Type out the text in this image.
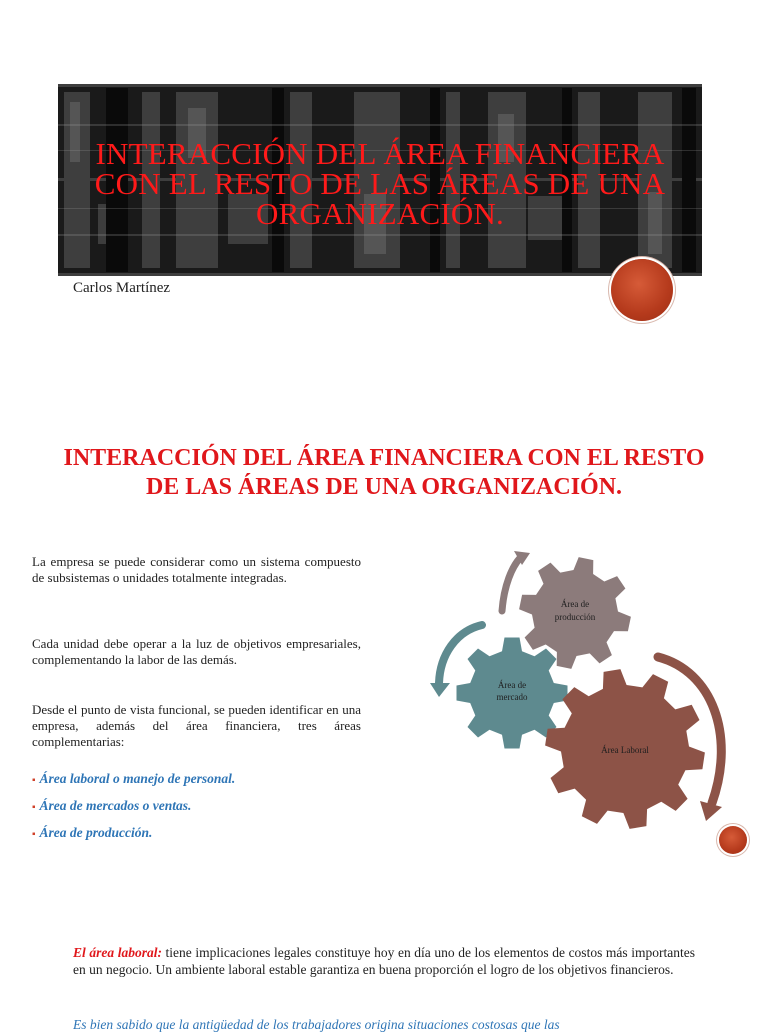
INTERACCIÓN DEL ÁREA FINANCIERA CON EL RESTO DE LAS ÁREAS DE UNA ORGANIZACIÓN.
Carlos Martínez
INTERACCIÓN DEL ÁREA FINANCIERA CON EL RESTO DE LAS ÁREAS DE UNA ORGANIZACIÓN.

La empresa se puede considerar como un sistema compuesto de subsistemas o unidades totalmente integradas.

Cada unidad debe operar a la luz de objetivos empresariales, complementando la labor de las demás.

Desde el punto de vista funcional, se pueden identificar en una empresa, además del área financiera, tres áreas complementarias:

▪ Área laboral o manejo de personal.
▪ Área de mercados o ventas.
▪ Área de producción.
Área de
producción
Área de
mercado
Área Laboral

El área laboral: tiene implicaciones legales constituye hoy en día uno de los elementos de costos más importantes en un negocio. Un ambiente laboral estable garantiza en buena proporción el logro de los objetivos financieros.

Es bien sabido que la antigüedad de los trabajadores origina situaciones costosas que las
